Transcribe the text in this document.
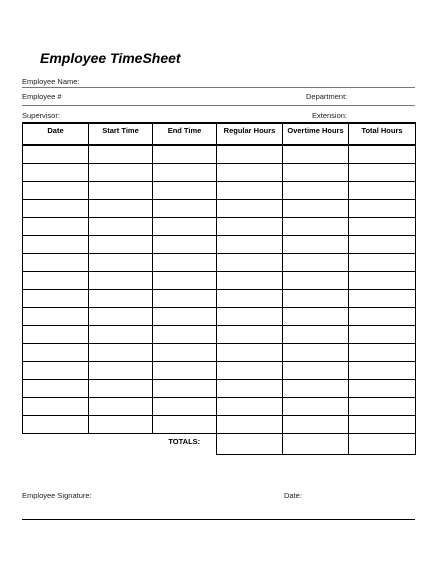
Employee TimeSheet
Employee Name:
Employee #	Department:
Supervisor:	Extension:
Date	Start Time	End Time	Regular Hours	Overtime Hours	Total Hours

		TOTALS:			
Employee Signature:	Date:
